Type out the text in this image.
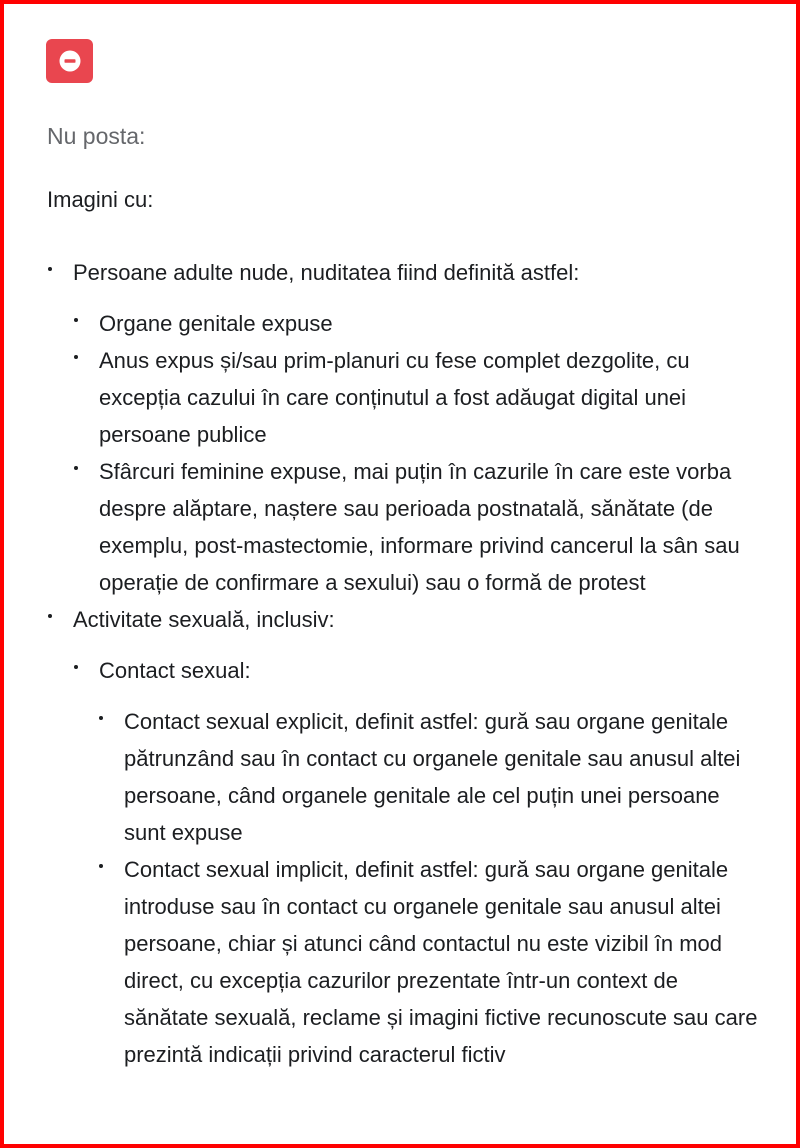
Nu posta:
Imagini cu:
Persoane adulte nude, nuditatea fiind definită astfel:
Organe genitale expuse
Anus expus și/sau prim-planuri cu fese complet dezgolite, cu excepția cazului în care conținutul a fost adăugat digital unei persoane publice
Sfârcuri feminine expuse, mai puțin în cazurile în care este vorba despre alăptare, naștere sau perioada postnatală, sănătate (de exemplu, post-mastectomie, informare privind cancerul la sân sau operație de confirmare a sexului) sau o formă de protest
Activitate sexuală, inclusiv:
Contact sexual:
Contact sexual explicit, definit astfel: gură sau organe genitale pătrunzând sau în contact cu organele genitale sau anusul altei persoane, când organele genitale ale cel puțin unei persoane sunt expuse
Contact sexual implicit, definit astfel: gură sau organe genitale introduse sau în contact cu organele genitale sau anusul altei persoane, chiar și atunci când contactul nu este vizibil în mod direct, cu excepția cazurilor prezentate într-un context de sănătate sexuală, reclame și imagini fictive recunoscute sau care prezintă indicații privind caracterul fictiv
